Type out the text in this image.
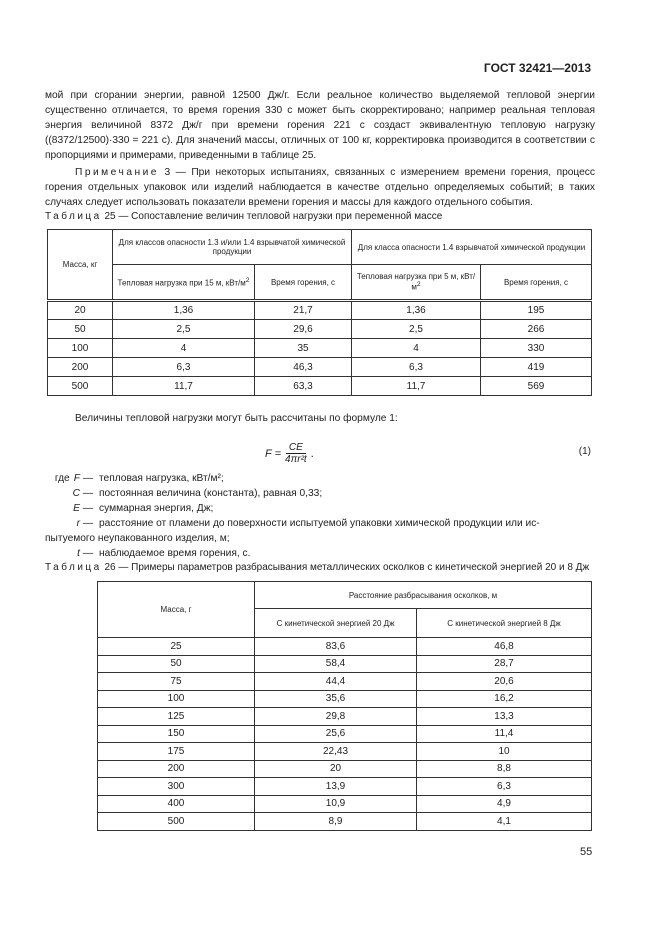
ГОСТ 32421—2013
мой при сгорании энергии, равной 12500 Дж/г. Если реальное количество выделяемой тепловой энергии существенно отличается, то время горения 330 с может быть скорректировано; например реальная тепловая энергия величиной 8372 Дж/г при времени горения 221 с создаст эквивалентную тепловую нагрузку ((8372/12500)·330 = 221 с). Для значений массы, отличных от 100 кг, корректировка производится в соответствии с пропорциями и примерами, приведенными в таблице 25.
Примечание 3 — При некоторых испытаниях, связанных с измерением времени горения, процесс горения отдельных упаковок или изделий наблюдается в качестве отдельно определяемых событий; в таких случаях следует использовать показатели времени горения и массы для каждого отдельного события.
Таблица 25 — Сопоставление величин тепловой нагрузки при переменной массе
Масса, кг	Для классов опасности 1.3 и/или 1.4 взрывчатой химической продукции		Для класса опасности 1.4 взрывчатой химической продукции	
	Тепловая нагрузка при 15 м, кВт/$м^2$	Время горения, с	Тепловая нагрузка при 5 м, кВт/$м^2$	Время горения, с
20	1,36	21,7	1,36	195
50	2,5	29,6	2,5	266
100	4	35	4	330
200	6,3	46,3	6,3	419
500	11,7	63,3	11,7	569
Величины тепловой нагрузки могут быть рассчитаны по формуле 1:
$F = \frac{CE}{\text{4πr²t}}$ .	(1)
где F — тепловая нагрузка, кВт/м²;
C — постоянная величина (константа), равная 0,33;
E — суммарная энергия, Дж;
r — расстояние от пламени до поверхности испытуемой упаковки химической продукции или ис-
пытуемого неупакованного изделия, м;
t — наблюдаемое время горения, с.
Таблица 26 — Примеры параметров разбрасывания металлических осколков с кинетической энергией 20 и 8 Дж
Масса, г	Расстояние разбрасывания осколков, м	
	С кинетической энергией 20 Дж	С кинетической энергией 8 Дж
25	83,6	46,8
50	58,4	28,7
75	44,4	20,6
100	35,6	16,2
125	29,8	13,3
150	25,6	11,4
175	22,43	10
200	20	8,8
300	13,9	6,3
400	10,9	4,9
500	8,9	4,1
55
